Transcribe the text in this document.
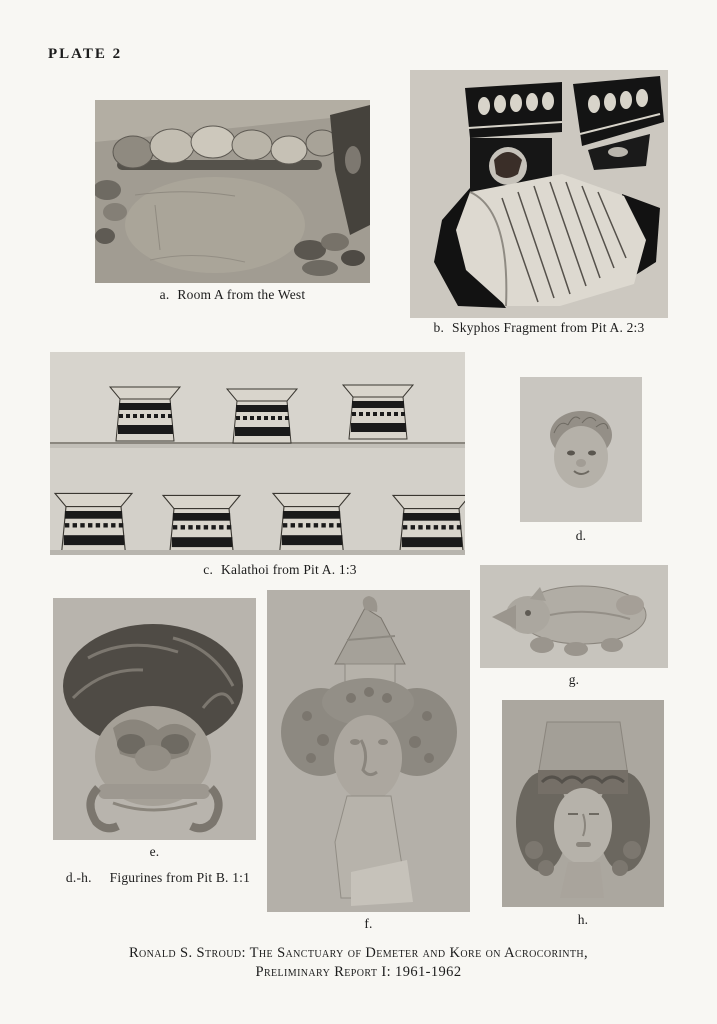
PLATE 2
a. Room A from the West
b. Skyphos Fragment from Pit A. 2:3
c. Kalathoi from Pit A. 1:3
d.
e.
d.-h. Figurines from Pit B. 1:1
f.
g.
h.
Ronald S. Stroud: The Sanctuary of Demeter and Kore on Acrocorinth,
Preliminary Report I: 1961-1962
